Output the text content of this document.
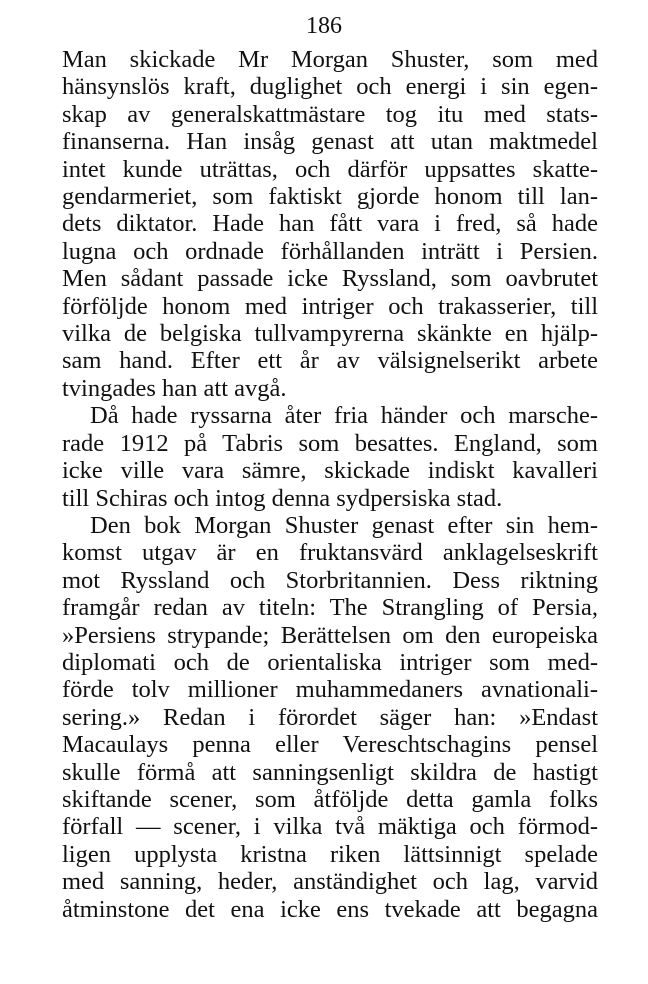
186

Man skickade Mr Morgan Shuster, som med
hänsynslös kraft, duglighet och energi i sin egen-
skap av generalskattmästare tog itu med stats-
finanserna. Han insåg genast att utan maktmedel
intet kunde uträttas, och därför uppsattes skatte-
gendarmeriet, som faktiskt gjorde honom till lan-
dets diktator. Hade han fått vara i fred, så hade
lugna och ordnade förhållanden inträtt i Persien.
Men sådant passade icke Ryssland, som oavbrutet
förföljde honom med intriger och trakasserier, till
vilka de belgiska tullvampyrerna skänkte en hjälp-
sam hand. Efter ett år av välsignelserikt arbete
tvingades han att avgå.

Då hade ryssarna åter fria händer och marsche-
rade 1912 på Tabris som besattes. England, som
icke ville vara sämre, skickade indiskt kavalleri
till Schiras och intog denna sydpersiska stad.

Den bok Morgan Shuster genast efter sin hem-
komst utgav är en fruktansvärd anklagelseskrift
mot Ryssland och Storbritannien. Dess riktning
framgår redan av titeln: The Strangling of Persia,
»Persiens strypande; Berättelsen om den europeiska
diplomati och de orientaliska intriger som med-
förde tolv millioner muhammedaners avnationali-
sering.» Redan i förordet säger han: »Endast
Macaulays penna eller Vereschtschagins pensel
skulle förmå att sanningsenligt skildra de hastigt
skiftande scener, som åtföljde detta gamla folks
förfall — scener, i vilka två mäktiga och förmod-
ligen upplysta kristna riken lättsinnigt spelade
med sanning, heder, anständighet och lag, varvid
åtminstone det ena icke ens tvekade att begagna
